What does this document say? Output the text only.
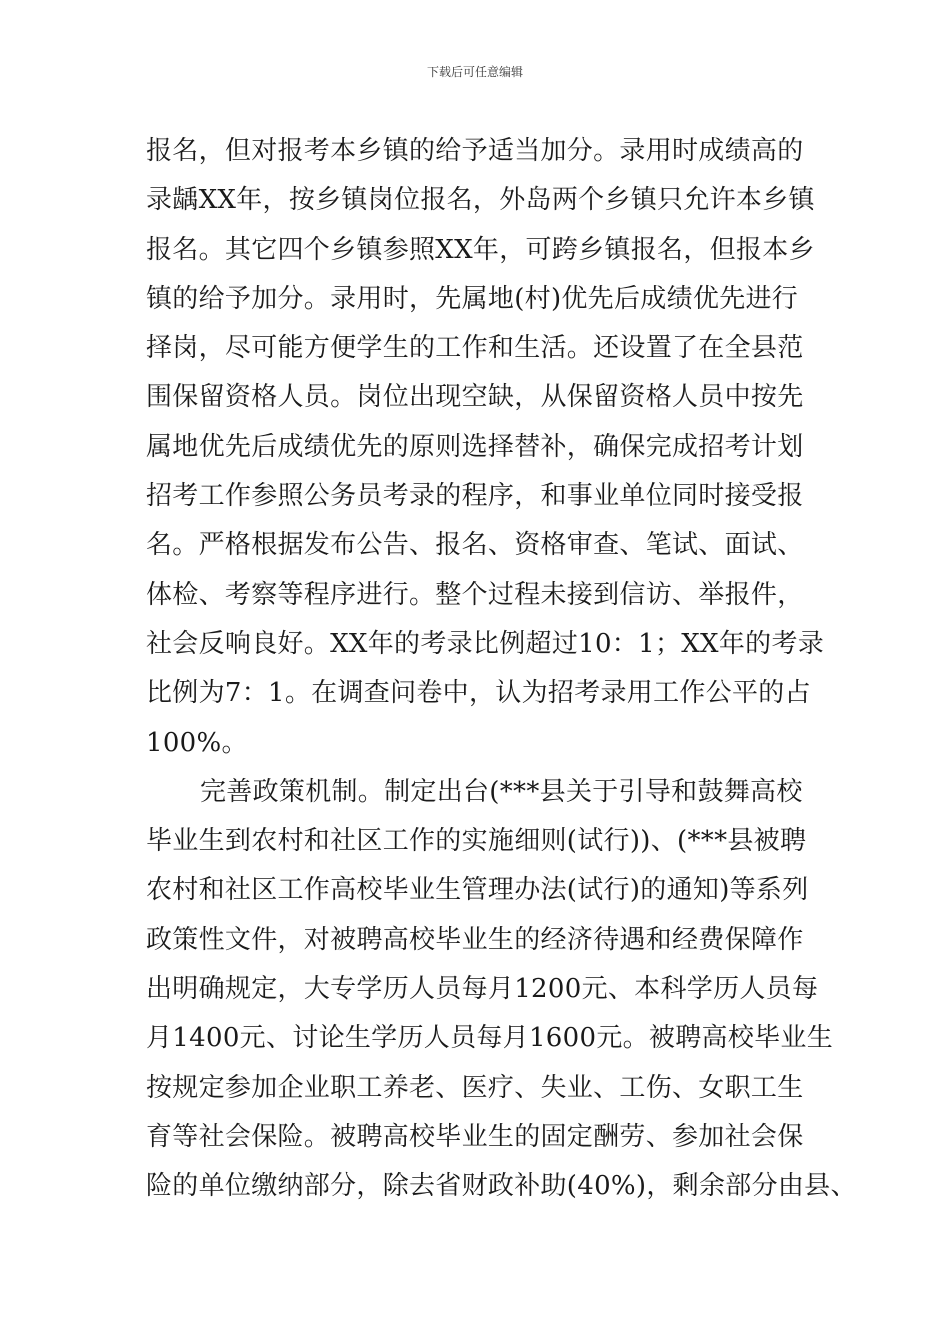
下载后可任意编辑
报名，但对报考本乡镇的给予适当加分。录用时成绩高的
录龋XX年，按乡镇岗位报名，外岛两个乡镇只允许本乡镇
报名。其它四个乡镇参照XX年，可跨乡镇报名，但报本乡
镇的给予加分。录用时，先属地(村)优先后成绩优先进行
择岗，尽可能方便学生的工作和生活。还设置了在全县范
围保留资格人员。岗位出现空缺，从保留资格人员中按先
属地优先后成绩优先的原则选择替补，确保完成招考计划
招考工作参照公务员考录的程序，和事业单位同时接受报
名。严格根据发布公告、报名、资格审查、笔试、面试、
体检、考察等程序进行。整个过程未接到信访、举报件，
社会反响良好。XX年的考录比例超过10：1；XX年的考录
比例为7：1。在调查问卷中，认为招考录用工作公平的占
100%。
完善政策机制。制定出台(***县关于引导和鼓舞高校
毕业生到农村和社区工作的实施细则(试行))、(***县被聘
农村和社区工作高校毕业生管理办法(试行)的通知)等系列
政策性文件，对被聘高校毕业生的经济待遇和经费保障作
出明确规定，大专学历人员每月1200元、本科学历人员每
月1400元、讨论生学历人员每月1600元。被聘高校毕业生
按规定参加企业职工养老、医疗、失业、工伤、女职工生
育等社会保险。被聘高校毕业生的固定酬劳、参加社会保
险的单位缴纳部分，除去省财政补助(40%)，剩余部分由县、
